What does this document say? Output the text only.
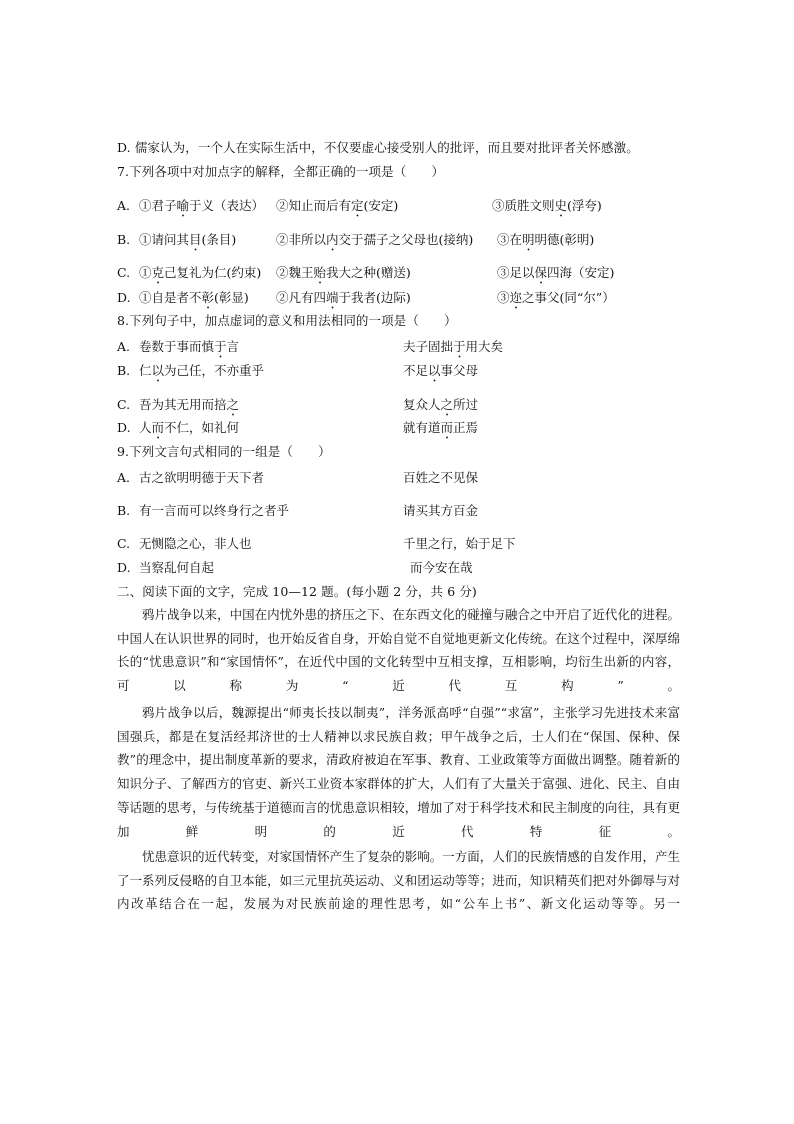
D. 儒家认为，一个人在实际生活中，不仅要虚心接受别人的批评，而且要对批评者关怀感激。
7.下列各项中对加点字的解释，全都正确的一项是（　　）
A. ①君子喻于义（表达） ②知止而后有定(安定)	③质胜文则史(浮夸)
B. ①请问其目(条目)	②非所以内交于孺子之父母也(接纳) ③在明明德(彰明)
C. ①克己复礼为仁(约束) ②魏王贻我大之种(赠送)	③足以保四海（安定)
D. ①自是者不彰(彰显) ②凡有四端于我者(边际)	③迩之事父(同“尔”）
8.下列句子中，加点虚词的意义和用法相同的一项是（　　）
A. 卷数于事而慎于言	夫子固拙于用大矣
B. 仁以为己任，不亦重乎	不足以事父母
C. 吾为其无用而掊之	复众人之所过
D. 人而不仁，如礼何	就有道而正焉
9.下列文言句式相同的一组是（　　）
A. 古之欲明明德于天下者	百姓之不见保
B. 有一言而可以终身行之者乎	请买其方百金
C. 无恻隐之心，非人也	千里之行，始于足下
D. 当察乱何自起	而今安在哉
二、阅读下面的文字，完成 10—12 题。(每小题 2 分，共 6 分)
鸦片战争以来，中国在内忧外患的挤压之下、在东西文化的碰撞与融合之中开启了近代化的进程。中国人在认识世界的同时，也开始反省自身，开始自觉不自觉地更新文化传统。在这个过程中，深厚绵长的“忧患意识”和“家国情怀”，在近代中国的文化转型中互相支撑，互相影响，均衍生出新的内容，可以称为“近代互构”。
鸦片战争以后，魏源提出“师夷长技以制夷”，洋务派高呼“自强”“求富”，主张学习先进技术来富国强兵，都是在复活经邦济世的士人精神以求民族自救；甲午战争之后，士人们在“保国、保种、保教”的理念中，提出制度革新的要求，清政府被迫在军事、教育、工业政策等方面做出调整。随着新的知识分子、了解西方的官吏、新兴工业资本家群体的扩大，人们有了大量关于富强、进化、民主、自由等话题的思考，与传统基于道德而言的忧患意识相较，增加了对于科学技术和民主制度的向往，具有更加鲜明的近代特征。
忧患意识的近代转变，对家国情怀产生了复杂的影响。一方面，人们的民族情感的自发作用，产生了一系列反侵略的自卫本能，如三元里抗英运动、义和团运动等等；进而，知识精英们把对外御辱与对内改革结合在一起，发展为对民族前途的理性思考，如“公车上书”、新文化运动等等。另一
